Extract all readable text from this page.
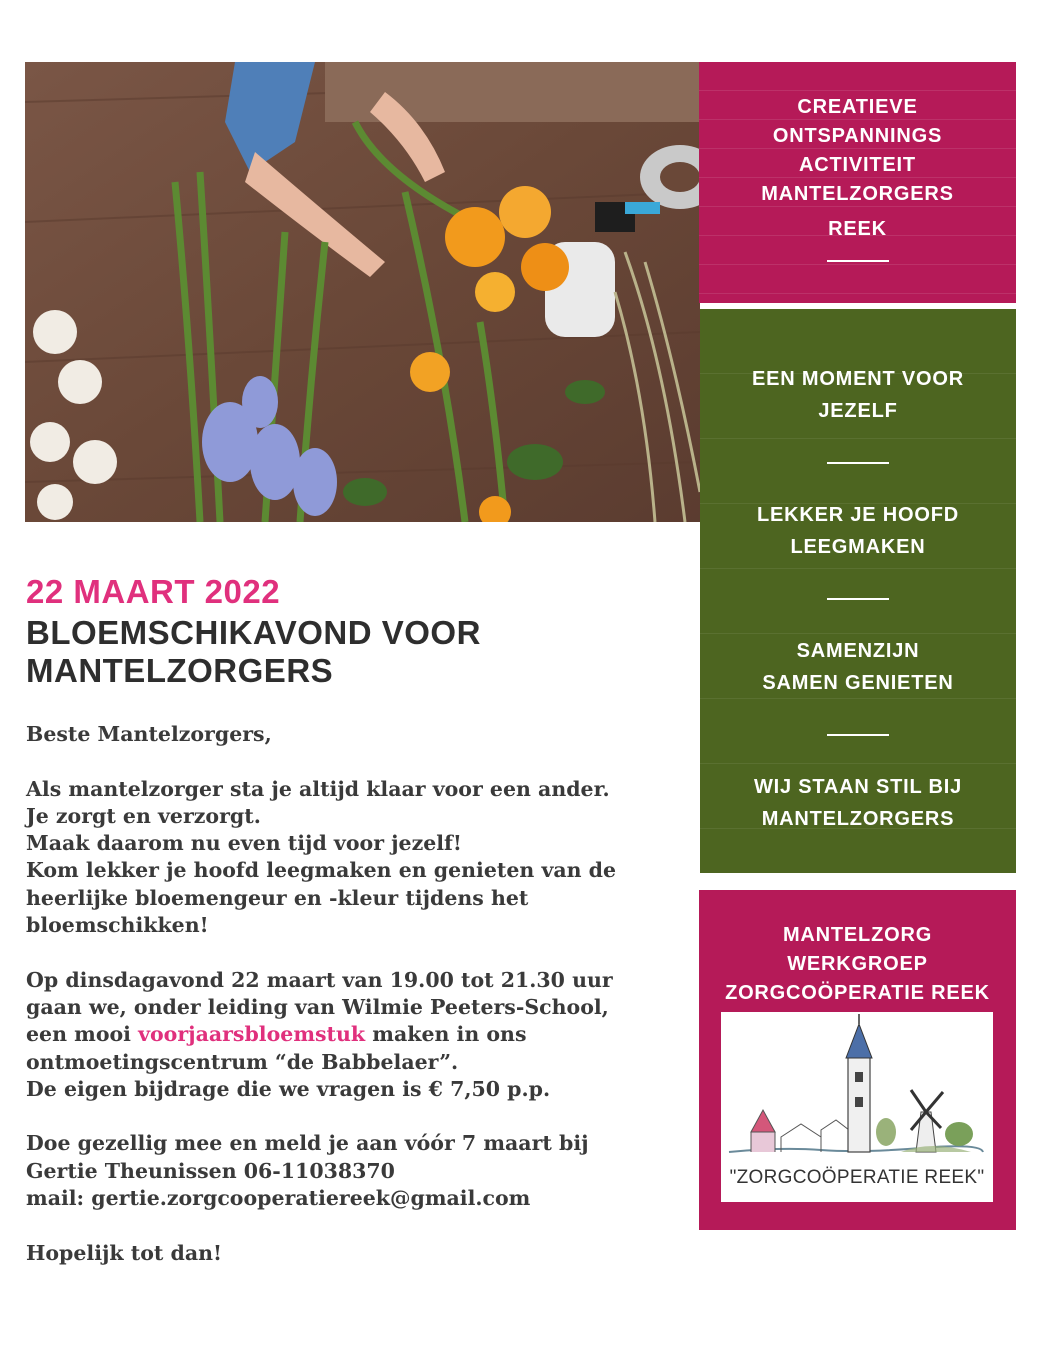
22 MAART 2022
BLOEMSCHIKAVOND VOOR
MANTELZORGERS

Beste Mantelzorgers,

Als mantelzorger sta je altijd klaar voor een ander.
Je zorgt en verzorgt.
Maak daarom nu even tijd voor jezelf!
Kom lekker je hoofd leegmaken en genieten van de
heerlijke bloemengeur en -kleur tijdens het
bloemschikken!

Op dinsdagavond 22 maart van 19.00 tot 21.30 uur
gaan we, onder leiding van Wilmie Peeters-School,
een mooi voorjaarsbloemstuk maken in ons
ontmoetingscentrum “de Babbelaer”.
De eigen bijdrage die we vragen is € 7,50 p.p.

Doe gezellig mee en meld je aan vóór 7 maart bij
Gertie Theunissen 06-11038370
mail: gertie.zorgcooperatiereek@gmail.com

Hopelijk tot dan!

CREATIEVE
ONTSPANNINGS
ACTIVITEIT
MANTELZORGERS
REEK
EEN MOMENT VOOR
JEZELF
LEKKER JE HOOFD
LEEGMAKEN
SAMENZIJN
SAMEN GENIETEN
WIJ STAAN STIL BIJ
MANTELZORGERS
MANTELZORG
WERKGROEP
ZORGCOÖPERATIE REEK
"ZORGCOÖPERATIE REEK"
